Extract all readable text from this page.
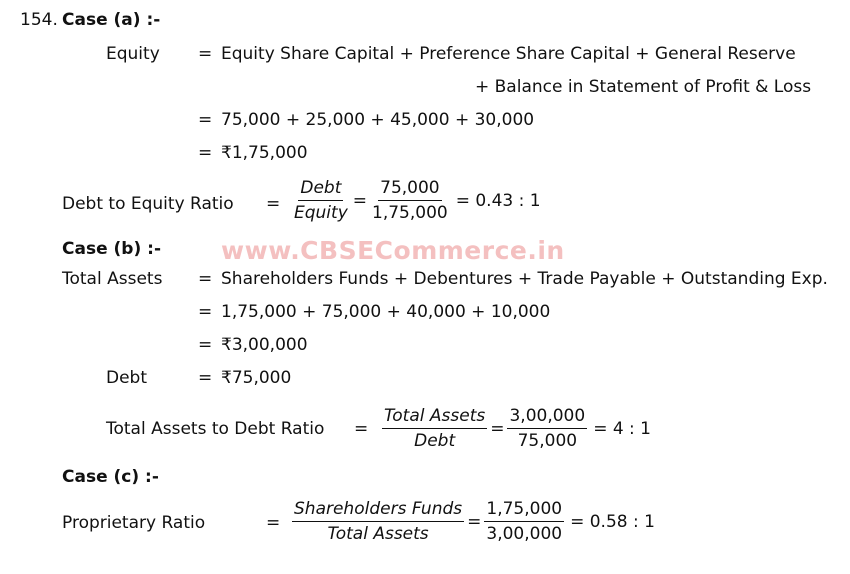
www.CBSECommerce.in
154. Case (a) :-
Equity = Equity Share Capital + Preference Share Capital + General Reserve
+ Balance in Statement of Profit & Loss
= 75,000 + 25,000 + 45,000 + 30,000
= ₹1,75,000
Debt to Equity Ratio = $\frac{\text{Debt}}{\text{Equity}} = \frac{75,000}{1,75,000} = 0.43$ : 1
Case (b) :-
Total Assets = Shareholders Funds + Debentures + Trade Payable + Outstanding Exp.
= 1,75,000 + 75,000 + 40,000 + 10,000
= ₹3,00,000
Debt	= ₹75,000
Total Assets to Debt Ratio = $\frac{\text{Total Assets}}{\text{Debt}} = \frac{3,00,000}{75,000} = 4$ : 1
Case (c) :-
Proprietary Ratio	= $\frac{\text{Shareholders Funds}}{\text{Total Assets}} = \frac{1,75,000}{3,00,000} = 0.58$ : 1
